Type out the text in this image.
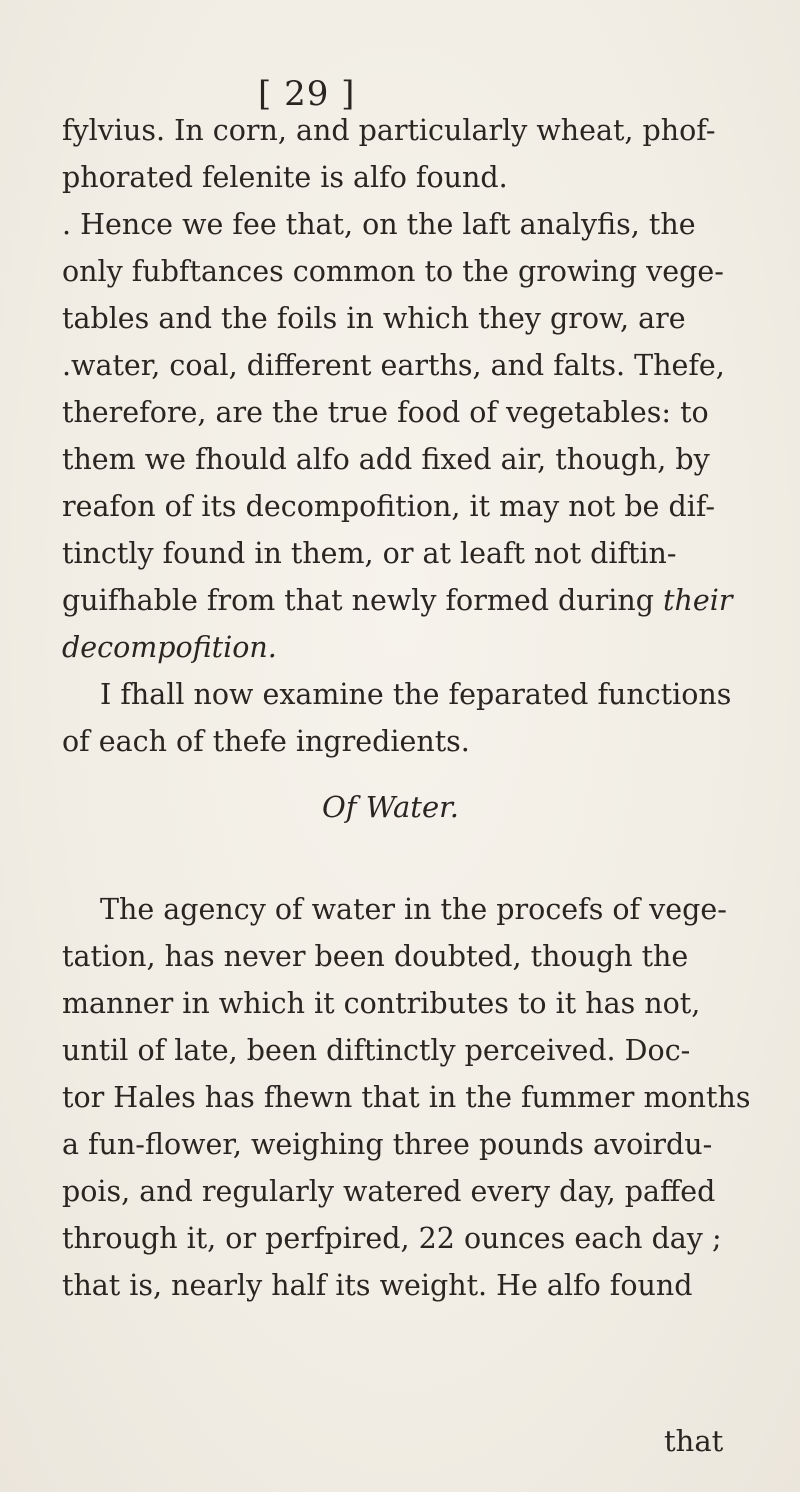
[ 29 ]
fylvius. In corn, and particularly wheat, phof-
phorated felenite is alfo found.
. Hence we fee that, on the laft analyfis, the
only fubftances common to the growing vege-
tables and the foils in which they grow, are
.water, coal, different earths, and falts. Thefe,
therefore, are the true food of vegetables: to
them we fhould alfo add fixed air, though, by
reafon of its decompofition, it may not be dif-
tinctly found in them, or at leaft not diftin-
guifhable from that newly formed during their
decompofition.
I fhall now examine the feparated functions
of each of thefe ingredients.
Of Water.
The agency of water in the procefs of vege-
tation, has never been doubted, though the
manner in which it contributes to it has not,
until of late, been diftinctly perceived. Doc-
tor Hales has fhewn that in the fummer months
a fun-flower, weighing three pounds avoirdu-
pois, and regularly watered every day, paffed
through it, or perfpired, 22 ounces each day ;
that is, nearly half its weight. He alfo found
that
